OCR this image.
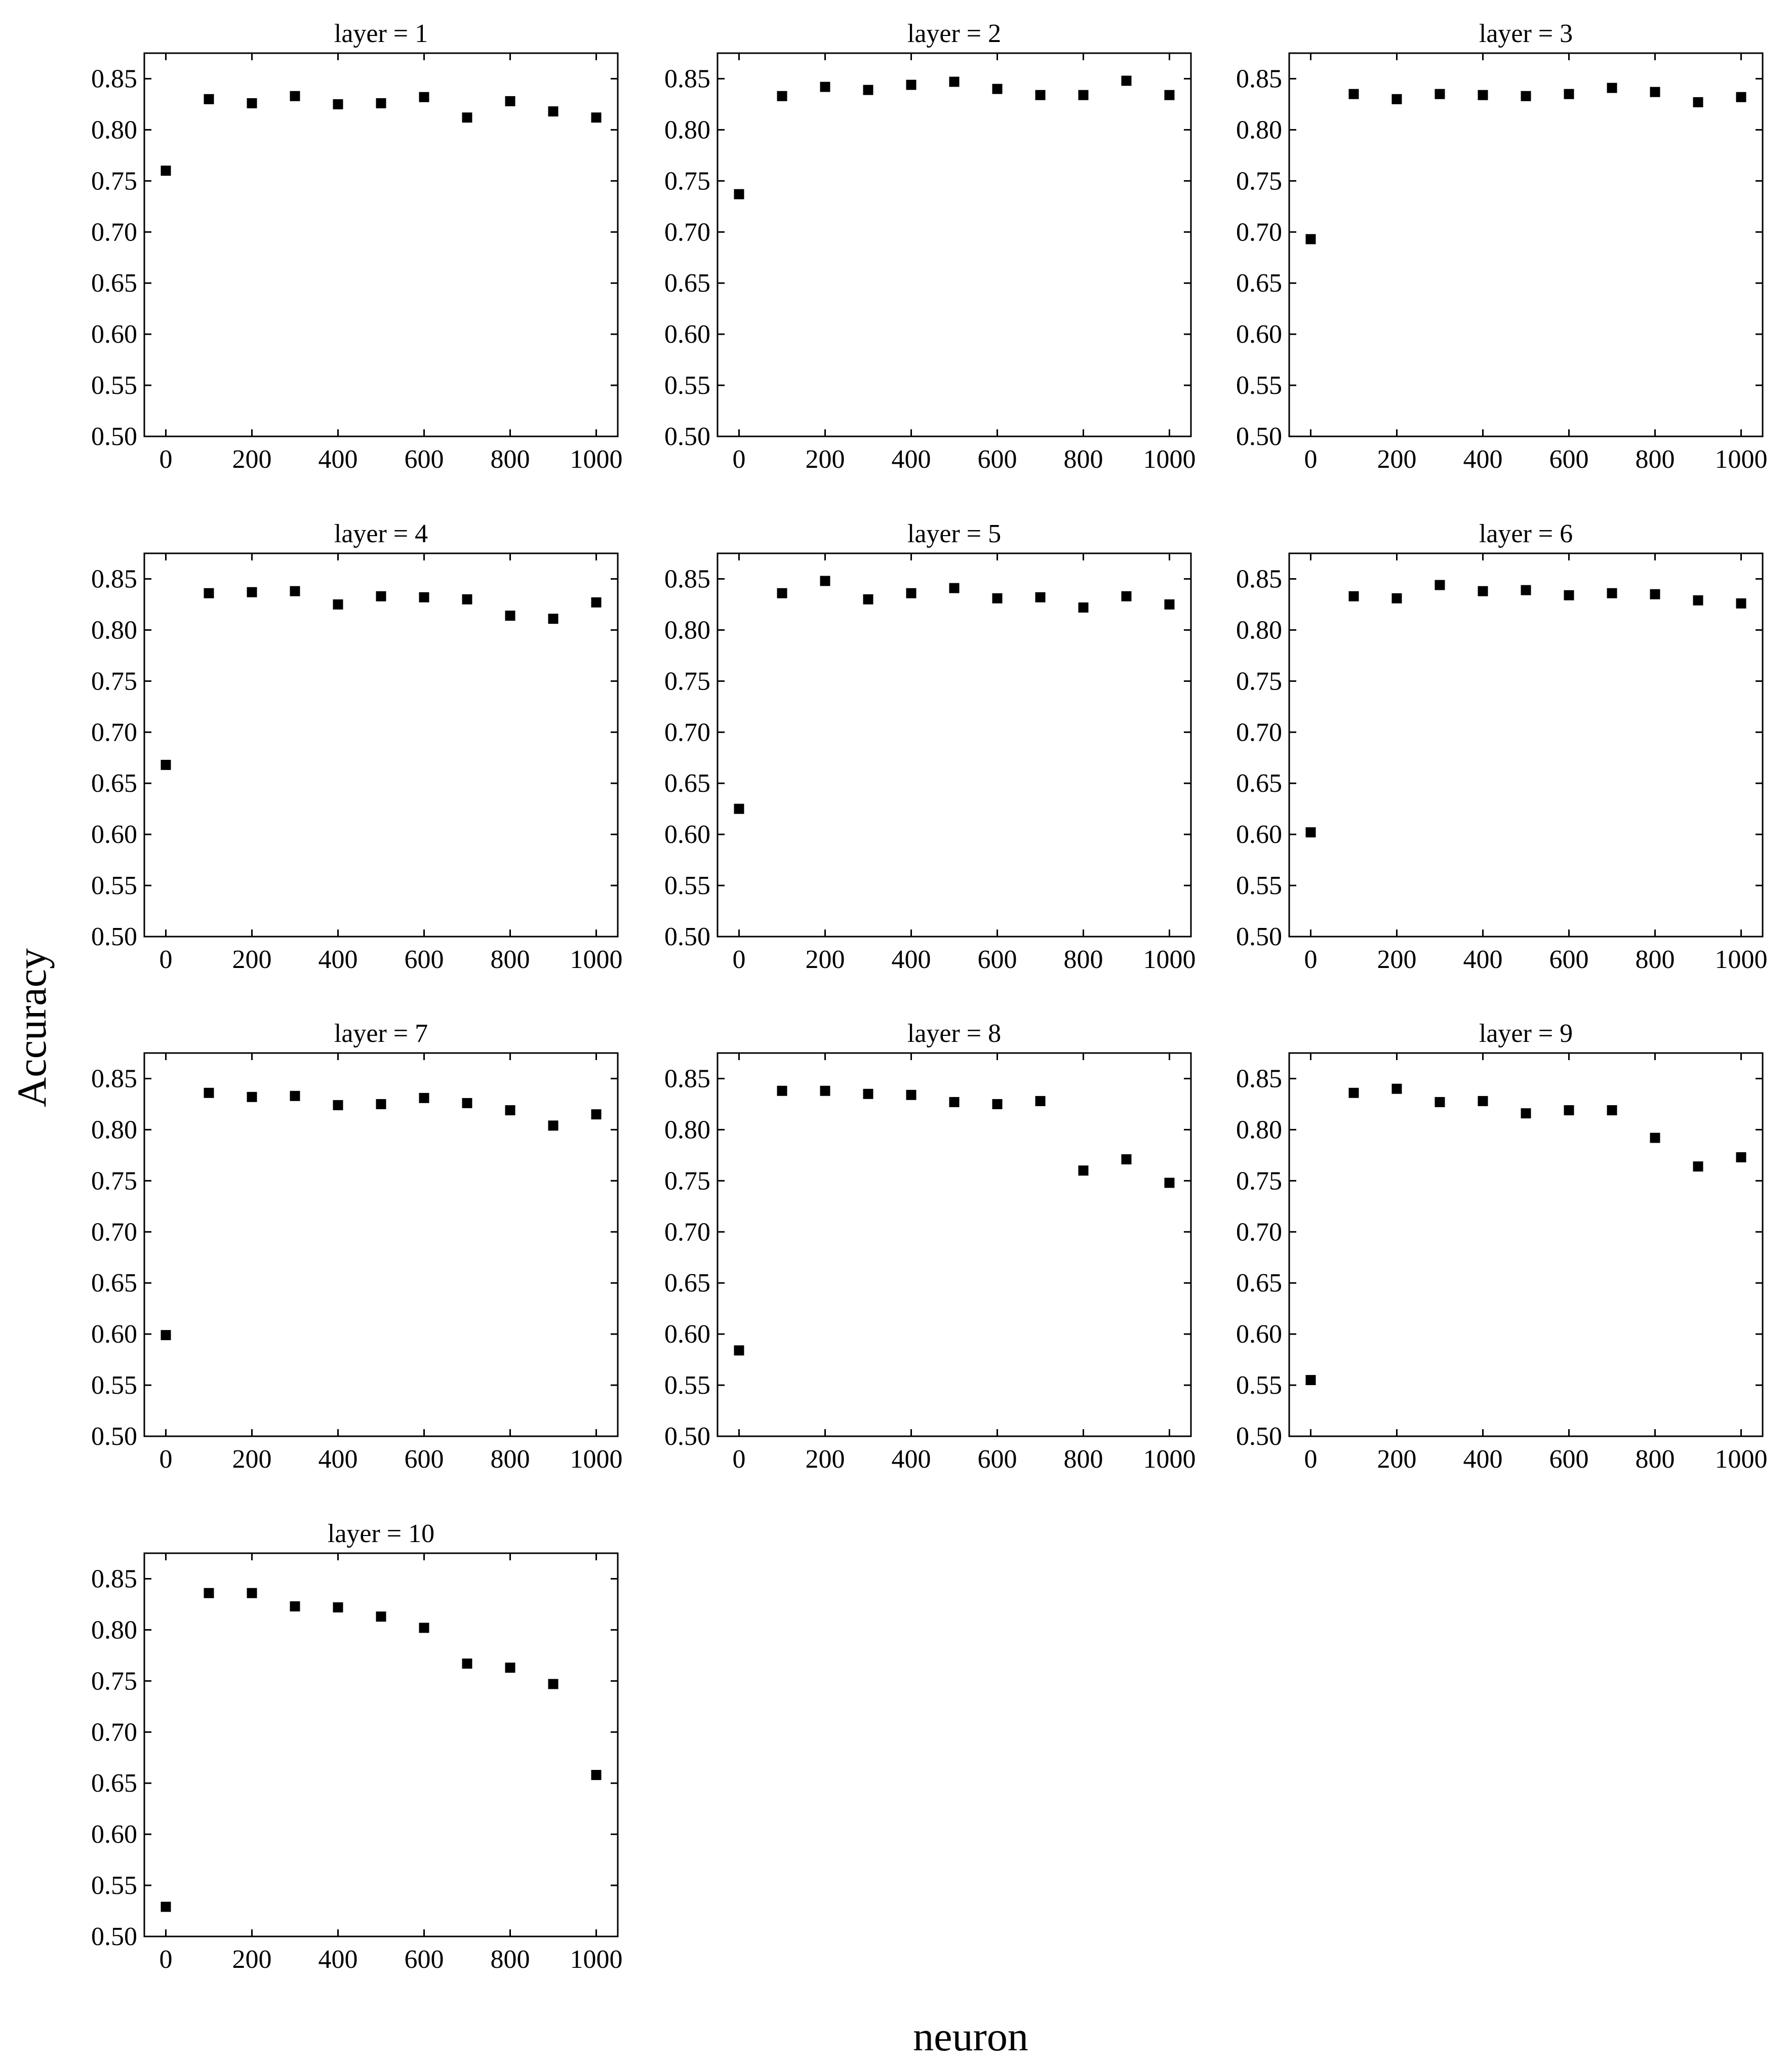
layer = 1
0.50
0.55
0.60
0.65
0.70
0.75
0.80
0.85
0 200 400 600 800 1000
layer = 2
0.50
0.55
0.60
0.65
0.70
0.75
0.80
0.85
0 200 400 600 800 1000
layer = 3
0.50
0.55
0.60
0.65
0.70
0.75
0.80
0.85
0 200 400 600 800 1000
layer = 4
0.50
0.55
0.60
0.65
0.70
0.75
0.80
0.85
0 200 400 600 800 1000
layer = 5
0.50
0.55
0.60
0.65
0.70
0.75
0.80
0.85
0 200 400 600 800 1000
layer = 6
0.50
0.55
0.60
0.65
0.70
0.75
0.80
0.85
0 200 400 600 800 1000
layer = 7
0.50
0.55
0.60
0.65
0.70
0.75
0.80
0.85
0 200 400 600 800 1000
layer = 8
0.50
0.55
0.60
0.65
0.70
0.75
0.80
0.85
0 200 400 600 800 1000
layer = 9
0.50
0.55
0.60
0.65
0.70
0.75
0.80
0.85
0 200 400 600 800 1000
layer = 10
0.50
0.55
0.60
0.65
0.70
0.75
0.80
0.85
0 200 400 600 800 1000
neuron
Accuracy
